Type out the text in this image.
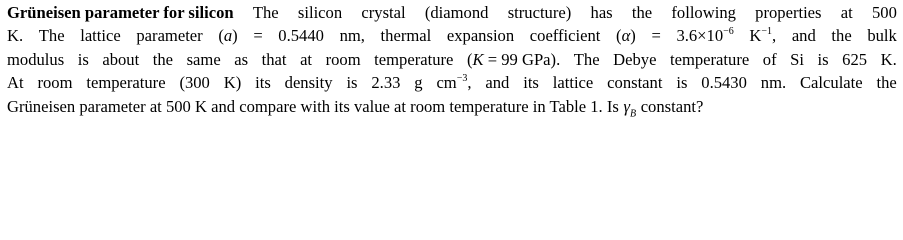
Grüneisen parameter for silicon The silicon crystal (diamond structure) has the following properties at 500
K. The lattice parameter (a) = 0.5440 nm, thermal expansion coefficient $(\alpha) = 3.6\times 10^{-6}$ $K^{-1}$, and the bulk
modulus is about the same as that at room temperature (K = 99 GPa). The Debye temperature of Si is 625 K.
At room temperature (300 K) its density is 2.33 g $cm^{-3}$, and its lattice constant is 0.5430 nm. Calculate the
Grüneisen parameter at 500 K and compare with its value at room temperature in Table 1. Is $\gamma_B$ constant?
